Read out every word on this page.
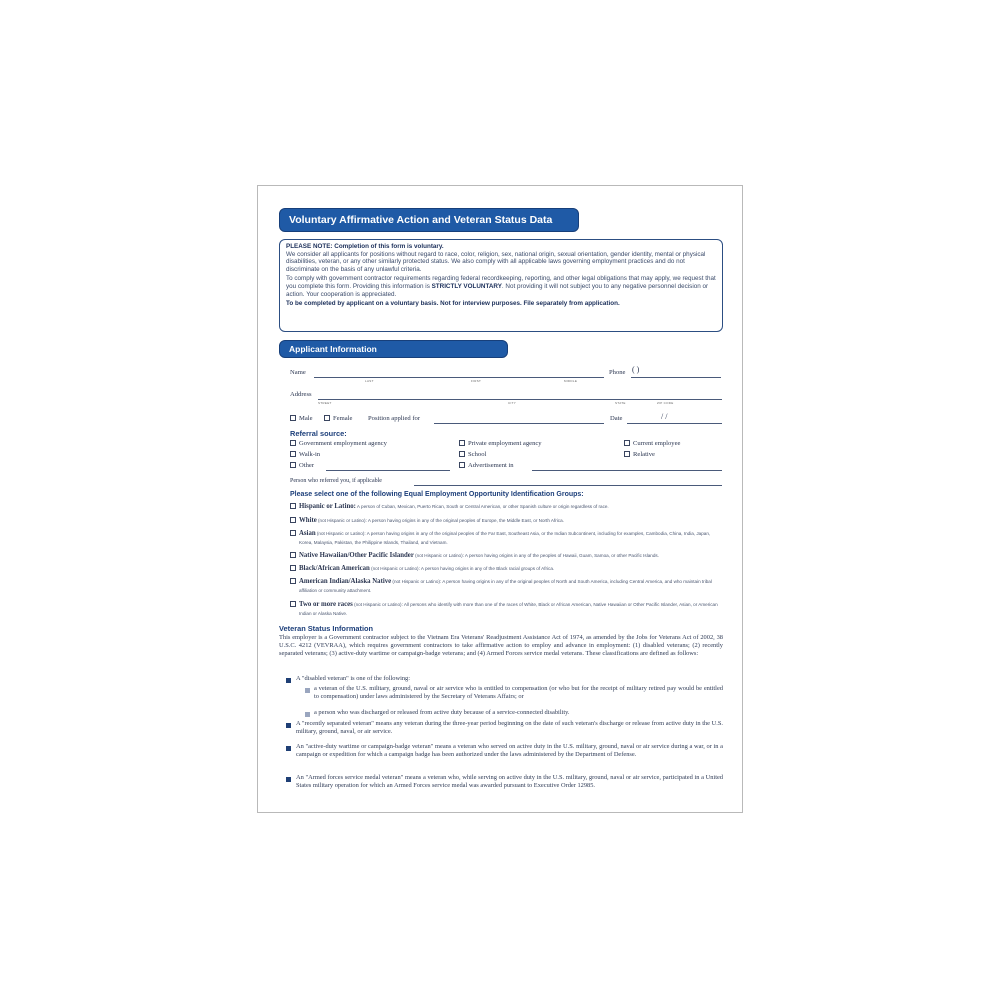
Voluntary Affirmative Action and Veteran Status Data

PLEASE NOTE: Completion of this form is voluntary.
We consider all applicants for positions without regard to race, color, religion, sex, national origin, sexual orientation, gender identity, mental or physical disabilities, veteran, or any other similarly protected status. We also comply with all applicable laws governing employment practices and do not discriminate on the basis of any unlawful criteria.

To comply with government contractor requirements regarding federal recordkeeping, reporting, and other legal obligations that may apply, we request that you complete this form. Providing this information is STRICTLY VOLUNTARY. Not providing it will not subject you to any negative personnel decision or action. Your cooperation is appreciated.

To be completed by applicant on a voluntary basis. Not for interview purposes. File separately from application.

Applicant Information
Name
LAST	FIRST	MIDDLE
Phone ( )
Address
STREET	CITY	STATE	ZIP CODE
Male	Female Position applied for	Date	/ /
Referral source:
Government employment agency	Private employment agency	Current employee
Walk-in	School	Relative
Other	Advertisement in
Person who referred you, if applicable
Please select one of the following Equal Employment Opportunity Identification Groups:
Hispanic or Latino: A person of Cuban, Mexican, Puerto Rican, South or Central American, or other Spanish culture or origin regardless of race.
White (not Hispanic or Latino): A person having origins in any of the original peoples of Europe, the Middle East, or North Africa.
Asian (not Hispanic or Latino): A person having origins in any of the original peoples of the Far East, Southeast Asia, or the Indian Subcontinent, including for examples, Cambodia, China, India, Japan, Korea, Malaysia, Pakistan, the Philippine Islands, Thailand, and Vietnam.
Native Hawaiian/Other Pacific Islander (not Hispanic or Latino): A person having origins in any of the peoples of Hawaii, Guam, Samoa, or other Pacific Islands.
Black/African American (not Hispanic or Latino): A person having origins in any of the Black racial groups of Africa.
American Indian/Alaska Native (not Hispanic or Latino): A person having origins in any of the original peoples of North and South America, including Central America, and who maintain tribal affiliation or community attachment.
Two or more races (not Hispanic or Latino): All persons who identify with more than one of the races of White, Black or African American, Native Hawaiian or Other Pacific Islander, Asian, or American Indian or Alaska Native.
Veteran Status Information
This employer is a Government contractor subject to the Vietnam Era Veterans' Readjustment Assistance Act of 1974, as amended by the Jobs for Veterans Act of 2002, 38 U.S.C. 4212 (VEVRAA), which requires government contractors to take affirmative action to employ and advance in employment: (1) disabled veterans; (2) recently separated veterans; (3) active-duty wartime or campaign-badge veterans; and (4) Armed Forces service medal veterans. These classifications are defined as follows:
A "disabled veteran" is one of the following:
a veteran of the U.S. military, ground, naval or air service who is entitled to compensation (or who but for the receipt of military retired pay would be entitled to compensation) under laws administered by the Secretary of Veterans Affairs; or
a person who was discharged or released from active duty because of a service-connected disability.
A "recently separated veteran" means any veteran during the three-year period beginning on the date of such veteran's discharge or release from active duty in the U.S. military, ground, naval, or air service.
An "active-duty wartime or campaign-badge veteran" means a veteran who served on active duty in the U.S. military, ground, naval or air service during a war, or in a campaign or expedition for which a campaign badge has been authorized under the laws administered by the Department of Defense.
An "Armed forces service medal veteran" means a veteran who, while serving on active duty in the U.S. military, ground, naval or air service, participated in a United States military operation for which an Armed Forces service medal was awarded pursuant to Executive Order 12985.
